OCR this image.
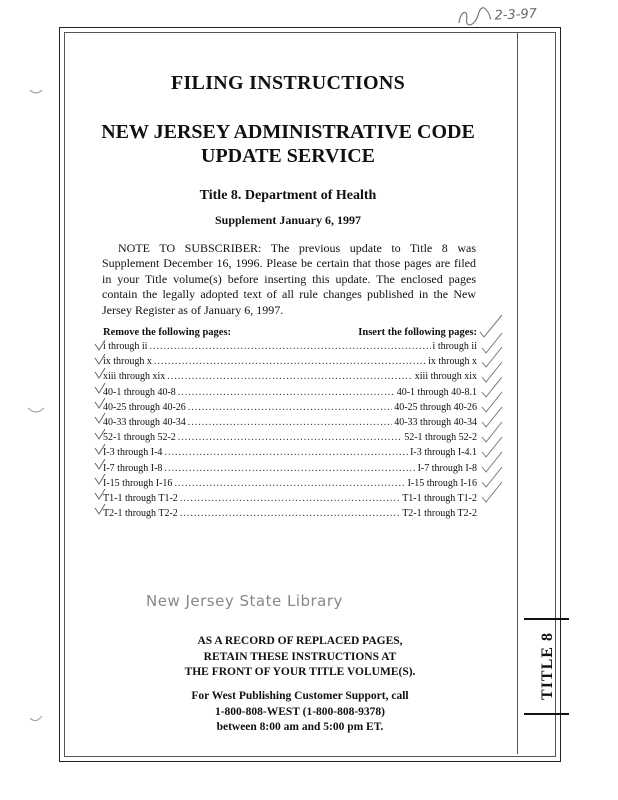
2-3-97
FILING INSTRUCTIONS
NEW JERSEY ADMINISTRATIVE CODE
UPDATE SERVICE
Title 8. Department of Health
Supplement January 6, 1997
NOTE TO SUBSCRIBER: The previous update to Title 8 was Supplement December 16, 1996. Please be certain that those pages are filed in your Title volume(s) before inserting this update. The enclosed pages contain the legally adopted text of all rule changes published in the New Jersey Register as of January 6, 1997.
Remove the following pages:	Insert the following pages:
i through ii .....	i through ii
ix through x .....	ix through x
xiii through xix .....	xiii through xix
40-1 through 40-8 .....	40-1 through 40-8.1
40-25 through 40-26 .....	40-25 through 40-26
40-33 through 40-34 .....	40-33 through 40-34
52-1 through 52-2 .....	52-1 through 52-2
I-3 through I-4 .....	I-3 through I-4.1
I-7 through I-8 .....	I-7 through I-8
I-15 through I-16 .....	I-15 through I-16
T1-1 through T1-2 .....	T1-1 through T1-2
T2-1 through T2-2 .....	T2-1 through T2-2
New Jersey State Library
AS A RECORD OF REPLACED PAGES,
RETAIN THESE INSTRUCTIONS AT
THE FRONT OF YOUR TITLE VOLUME(S).
For West Publishing Customer Support, call
1-800-808-WEST (1-800-808-9378)
between 8:00 am and 5:00 pm ET.
TITLE 8
